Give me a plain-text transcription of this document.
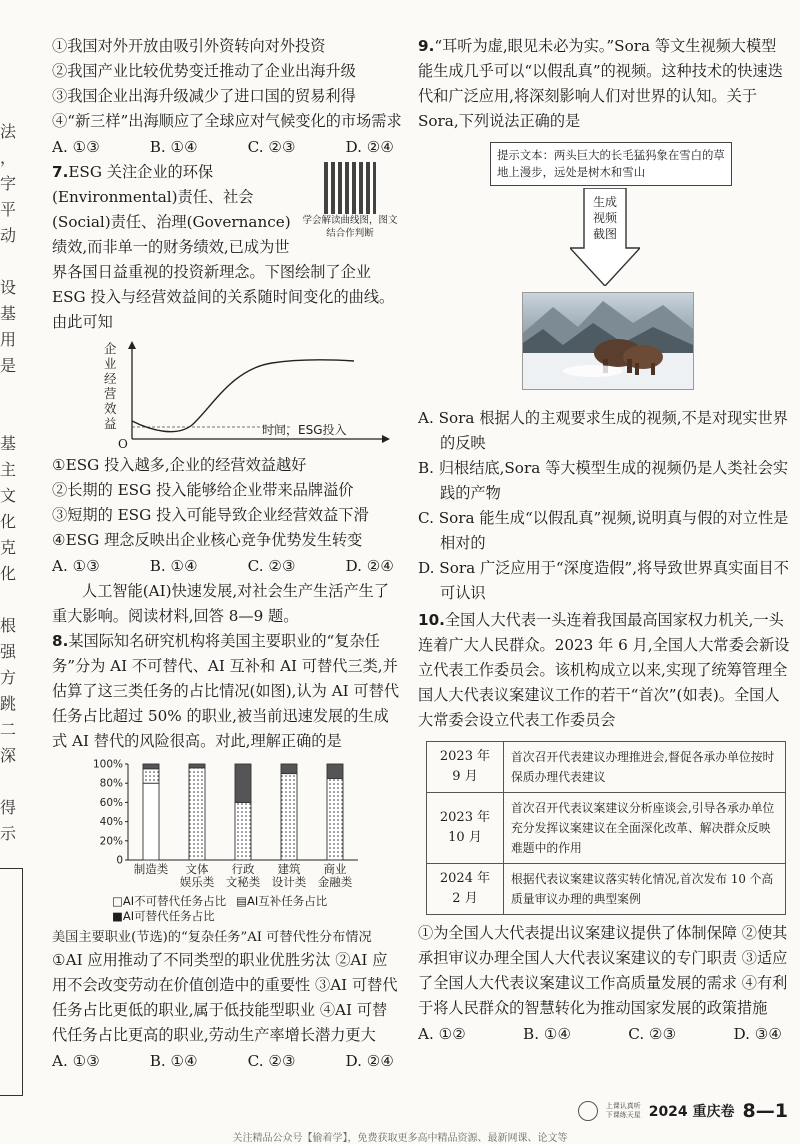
法
，
字
平
动
设
基
用
是
基
主
文
化
克
化
根
强
方
跳
二
深
得
示

①我国对外开放由吸引外资转向对外投资

②我国产业比较优势变迁推动了企业出海升级

③我国企业出海升级减少了进口国的贸易利得

④“新三样”出海顺应了全球应对气候变化的市场需求

A. ①③	B. ①④	C. ②③	D. ②④
学会解读曲线图，图文结合作判断

7.ESG 关注企业的环保(Environmental)责任、社会(Social)责任、治理(Governance)绩效,而非单一的财务绩效,已成为世界各国日益重视的投资新理念。下图绘制了企业 ESG 投入与经营效益间的关系随时间变化的曲线。由此可知

企
业
经
营
效
益
O
时间，ESG投入

①ESG 投入越多,企业的经营效益越好

②长期的 ESG 投入能够给企业带来品牌溢价

③短期的 ESG 投入可能导致企业经营效益下滑

④ESG 理念反映出企业核心竞争优势发生转变

A. ①③	B. ①④	C. ②③	D. ②④

人工智能(AI)快速发展,对社会生产生活产生了重大影响。阅读材料,回答 8—9 题。

8.某国际知名研究机构将美国主要职业的“复杂任务”分为 AI 不可替代、AI 互补和 AI 可替代三类,并估算了这三类任务的占比情况(如图),认为 AI 可替代任务占比超过 50% 的职业,被当前迅速发展的生成式 AI 替代的风险很高。对此,理解正确的是

0
20%
40%
60%
80%
100%
制造类 文体
娱乐类
行政
文秘类
建筑
设计类
商业
金融类
□AI不可替代任务占比 ▤AI互补任务占比
■AI可替代任务占比

美国主要职业(节选)的“复杂任务”AI 可替代性分布情况

①AI 应用推动了不同类型的职业优胜劣汰 ②AI 应用不会改变劳动在价值创造中的重要性 ③AI 可替代任务占比更低的职业,属于低技能型职业 ④AI 可替代任务占比更高的职业,劳动生产率增长潜力更大

A. ①③	B. ①④	C. ②③	D. ②④

9.“耳听为虚,眼见未必为实。”Sora 等文生视频大模型能生成几乎可以“以假乱真”的视频。这种技术的快速迭代和广泛应用,将深刻影响人们对世界的认知。关于 Sora,下列说法正确的是

提示文本：两头巨大的长毛猛犸象在雪白的草地上漫步，远处是树木和雪山
生成
视频
截图

A. Sora 根据人的主观要求生成的视频,不是对现实世界的反映

B. 归根结底,Sora 等大模型生成的视频仍是人类社会实践的产物

C. Sora 能生成“以假乱真”视频,说明真与假的对立性是相对的

D. Sora 广泛应用于“深度造假”,将导致世界真实面目不可认识

10.全国人大代表一头连着我国最高国家权力机关,一头连着广大人民群众。2023 年 6 月,全国人大常委会新设立代表工作委员会。该机构成立以来,实现了统筹管理全国人大代表议案建议工作的若干“首次”(如表)。全国人大常委会设立代表工作委员会

2023 年
9 月	首次召开代表建议办理推进会,督促各承办单位按时保质办理代表建议
2023 年
10 月	首次召开代表议案建议分析座谈会,引导各承办单位充分发挥议案建议在全面深化改革、解决群众反映难题中的作用
2024 年
2 月	根据代表议案建议落实转化情况,首次发布 10 个高质量审议办理的典型案例

①为全国人大代表提出议案建议提供了体制保障 ②使其承担审议办理全国人大代表议案建议的专门职责 ③适应了全国人大代表议案建议工作高质量发展的需求 ④有利于将人民群众的智慧转化为推动国家发展的政策措施

A. ①②	B. ①④	C. ②③	D. ③④
上课认真听
下课练天星 2024 重庆卷 8—1
关注精品公众号【偷着学】，免费获取更多高中精品资源、最新网课、论文等
